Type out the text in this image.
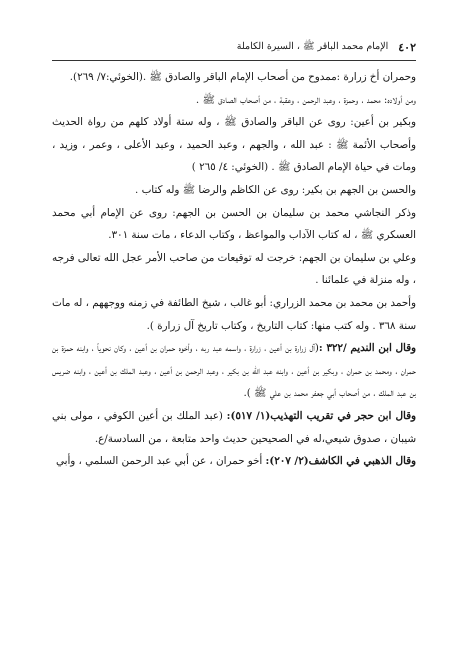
٤٠٢
الإمام محمد الباقر ﷺ ، السيرة الكاملة

وحمران أخ زرارة :ممدوح من أصحاب الإمام الباقر والصادق ﷺ .(الخوئي:٧/ ٢٦٩).

ومن أولاده: محمد ، وحمزة ، وعبد الرحمن ، وعقبة ، من أصحاب الصادق ﷺ .

وبكير بن أعين: روى عن الباقر والصادق ﷺ ، وله ستة أولاد كلهم من رواة الحديث وأصحاب الأئمة ﷺ : عبد الله ، والجهم ، وعبد الحميد ، وعبد الأعلى ، وعمر ، وزيد ، ومات في حياة الإمام الصادق ﷺ . (الخوئي: ٤/ ٢٦٥ )

والحسن بن الجهم بن بكير: روى عن الكاظم والرضا ﷺ وله كتاب .

وذكر النجاشي محمد بن سليمان بن الحسن بن الجهم: روى عن الإمام أبي محمد العسكري ﷺ ، له كتاب الآداب والمواعظ ، وكتاب الدعاء ، مات سنة ٣٠١.

وعلي بن سليمان بن الجهم: خرجت له توقيعات من صاحب الأمر عجل الله تعالى فرجه ، وله منزلة في علمائنا .

وأحمد بن محمد بن محمد الزراري: أبو غالب ، شيخ الطائفة في زمنه ووجههم ، له مات سنة ٣٦٨ . وله كتب منها: كتاب التاريخ ، وكتاب تاريخ آل زرارة ).

وقال ابن النديم /٣٢٢ :(آل زرارة بن أعين ، زرارة ، واسمه عبد ربه ، وأخوه حمران بن أعين ، وكان نحوياً ، وابنه حمزة بن حمران ، ومحمد بن حمران ، وبكير بن أعين ، وابنه عبد الله بن بكير ، وعبد الرحمن بن أعين ، وعبد الملك بن أعين ، وابنه ضريس بن عبد الملك ، من أصحاب أبي جعفر محمد بن علي ﷺ ).

وقال ابن حجر في تقريب التهذيب(١/ ٥١٧): (عبد الملك بن أعين الكوفي ، مولى بني شيبان ، صدوق شيعي،له في الصحيحين حديث واحد متابعة ، من السادسة/ع.

وقال الذهبي في الكاشف(٢/ ٢٠٧): أخو حمران ، عن أبي عبد الرحمن السلمي ، وأبي
